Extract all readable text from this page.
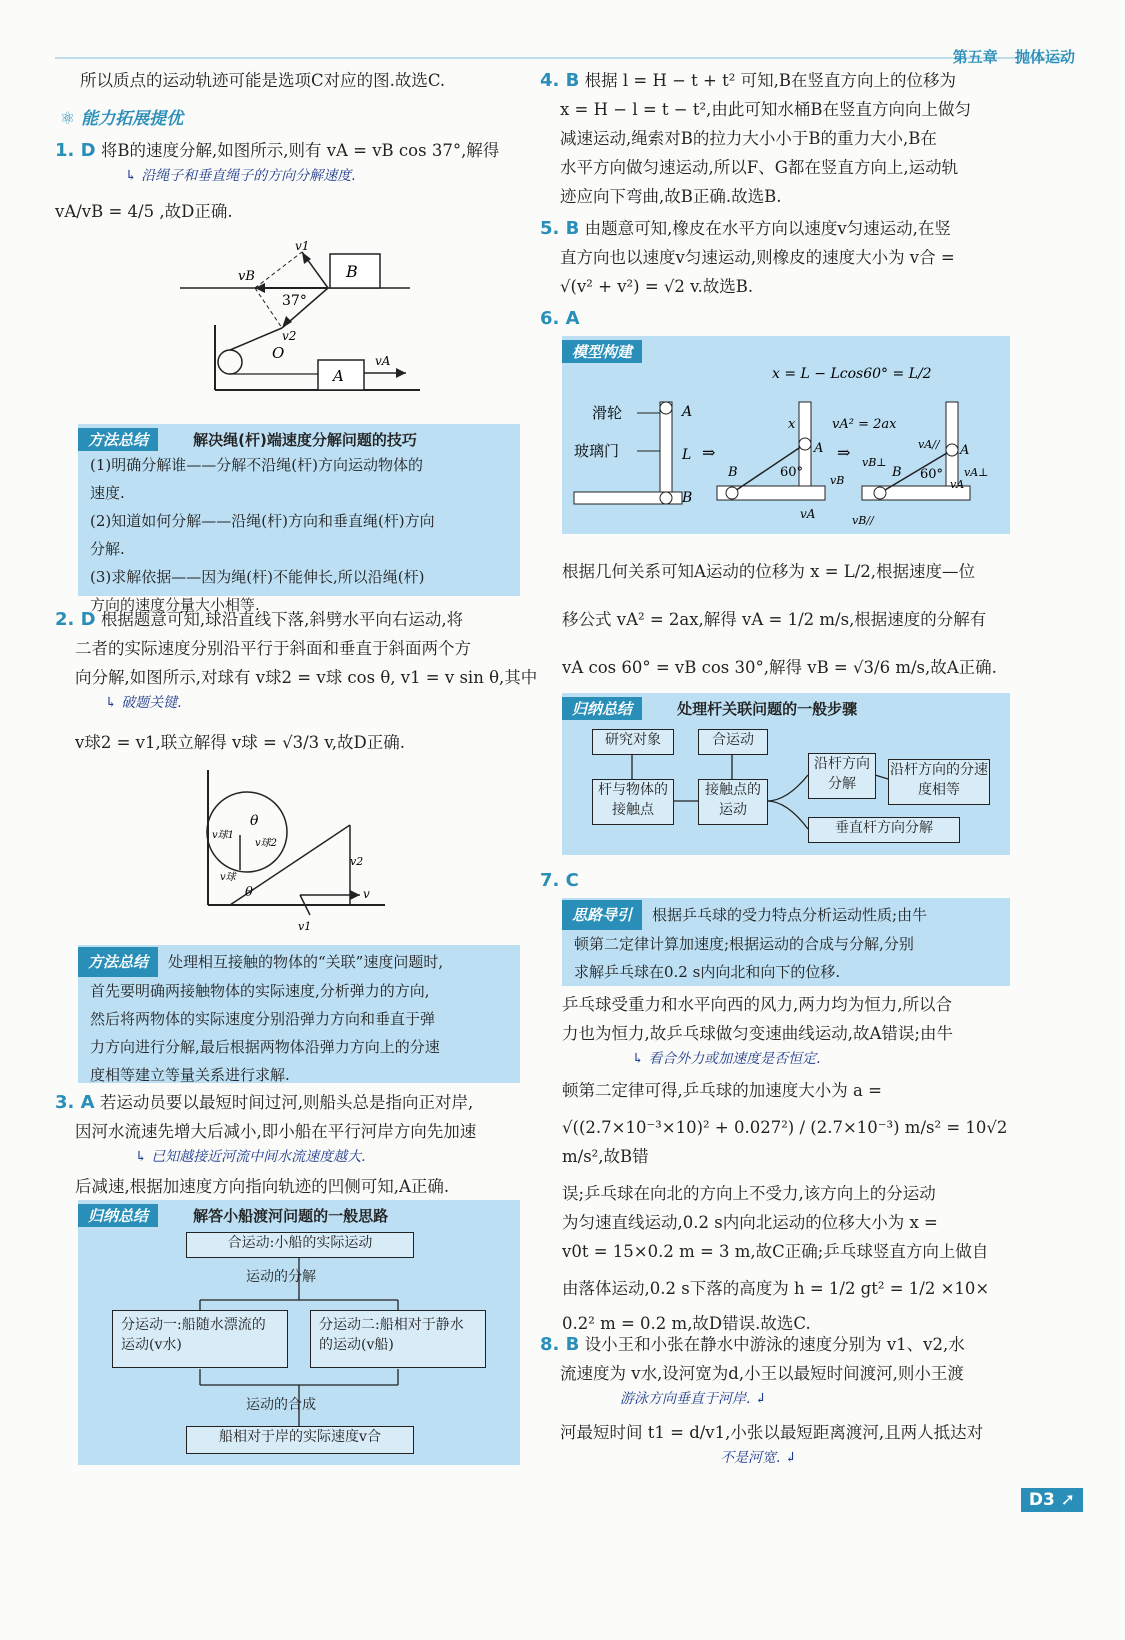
第五章 抛体运动

所以质点的运动轨迹可能是选项C对应的图.故选C.

⚛ 能力拓展提优

1. D 将B的速度分解,如图所示,则有 vA = vB cos 37°,解得

↳ 沿绳子和垂直绳子的方向分解速度.

vA/vB = 4/5 ,故D正确.

B
vB
v1
v2
37°
O
A
vA
方法总结	解决绳(杆)端速度分解问题的技巧
(1)明确分解谁——分解不沿绳(杆)方向运动物体的
速度.
(2)知道如何分解——沿绳(杆)方向和垂直绳(杆)方向
分解.
(3)求解依据——因为绳(杆)不能伸长,所以沿绳(杆)
方向的速度分量大小相等.

2. D 根据题意可知,球沿直线下落,斜劈水平向右运动,将

二者的实际速度分别沿平行于斜面和垂直于斜面两个方

向分解,如图所示,对球有 v球2 = v球 cos θ, v1 = v sin θ,其中

↳ 破题关键.

v球2 = v1,联立解得 v球 = √3/3 v,故D正确.

θ
θ
v球1
v球2
v球
v
v2
v1
方法总结 处理相互接触的物体的“关联”速度问题时,
首先要明确两接触物体的实际速度,分析弹力的方向,
然后将两物体的实际速度分别沿弹力方向和垂直于弹
力方向进行分解,最后根据两物体沿弹力方向上的分速
度相等建立等量关系进行求解.

3. A 若运动员要以最短时间过河,则船头总是指向正对岸,

因河水流速先增大后减小,即小船在平行河岸方向先加速

↳ 已知越接近河流中间水流速度越大.

后减速,根据加速度方向指向轨迹的凹侧可知,A正确.

归纳总结	解答小船渡河问题的一般思路
合运动:小船的实际运动
运动的分解
分运动一:船随水漂流的运动(v水)
分运动二:船相对于静水的运动(v船)
运动的合成
船相对于岸的实际速度v合

4. B 根据 l = H − t + t² 可知,B在竖直方向上的位移为

x = H − l = t − t²,由此可知水桶B在竖直方向向上做匀

减速运动,绳索对B的拉力大小小于B的重力大小,B在

水平方向做匀速运动,所以F、G都在竖直方向上,运动轨

迹应向下弯曲,故B正确.故选B.

5. B 由题意可知,橡皮在水平方向以速度v匀速运动,在竖

直方向也以速度v匀速运动,则橡皮的速度大小为 v合 =

√(v² + v²) = √2 v.故选B.

6. A

模型构建
x = L − Lcos60° = L/2
滑轮
玻璃门
A
L
B
⇒
x	vA² = 2ax
60°
B
A
vA
⇒
60°
A
B
vA//
vA⊥
vB⊥
vB
vB//
vA

根据几何关系可知A运动的位移为 x = L/2,根据速度—位

移公式 vA² = 2ax,解得 vA = 1/2 m/s,根据速度的分解有

vA cos 60° = vB cos 30°,解得 vB = √3/6 m/s,故A正确.

归纳总结	处理杆关联问题的一般步骤
研究对象	合运动
杆与物体的接触点
接触点的运动
沿杆方向分解
沿杆方向的分速度相等
垂直杆方向分解

7. C

思路导引 根据乒乓球的受力特点分析运动性质;由牛
顿第二定律计算加速度;根据运动的合成与分解,分别
求解乒乓球在0.2 s内向北和向下的位移.

乒乓球受重力和水平向西的风力,两力均为恒力,所以合

力也为恒力,故乒乓球做匀变速曲线运动,故A错误;由牛

↳ 看合外力或加速度是否恒定.

顿第二定律可得,乒乓球的加速度大小为 a =

√((2.7×10⁻³×10)² + 0.027²) / (2.7×10⁻³) m/s² = 10√2 m/s²,故B错

误;乒乓球在向北的方向上不受力,该方向上的分运动

为匀速直线运动,0.2 s内向北运动的位移大小为 x =

v0t = 15×0.2 m = 3 m,故C正确;乒乓球竖直方向上做自

由落体运动,0.2 s下落的高度为 h = 1/2 gt² = 1/2 ×10×

0.2² m = 0.2 m,故D错误.故选C.

8. B 设小王和小张在静水中游泳的速度分别为 v1、v2,水

流速度为 v水,设河宽为d,小王以最短时间渡河,则小王渡

游泳方向垂直于河岸. ↲

河最短时间 t1 = d/v1,小张以最短距离渡河,且两人抵达对

不是河宽. ↲

D3 ➚
